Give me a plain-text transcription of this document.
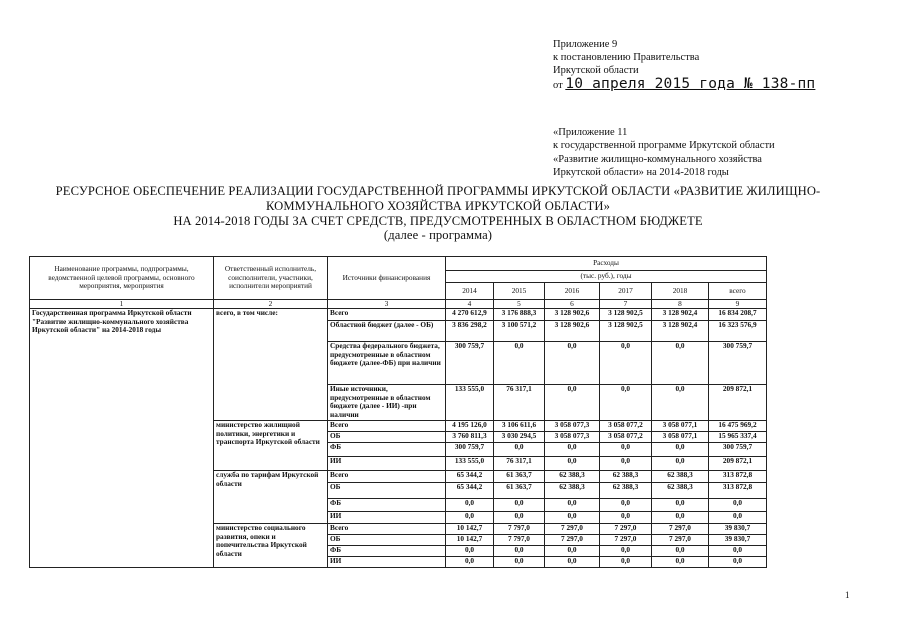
Приложение 9
к постановлению Правительства
Иркутской области
от 10 апреля 2015 года № 138-пп
«Приложение 11
к государственной программе Иркутской области
«Развитие жилищно-коммунального хозяйства
Иркутской области» на 2014-2018 годы
РЕСУРСНОЕ ОБЕСПЕЧЕНИЕ РЕАЛИЗАЦИИ ГОСУДАРСТВЕННОЙ ПРОГРАММЫ ИРКУТСКОЙ ОБЛАСТИ «РАЗВИТИЕ ЖИЛИЩНО-
КОММУНАЛЬНОГО ХОЗЯЙСТВА ИРКУТСКОЙ ОБЛАСТИ»
НА 2014-2018 ГОДЫ ЗА СЧЕТ СРЕДСТВ, ПРЕДУСМОТРЕННЫХ В ОБЛАСТНОМ БЮДЖЕТЕ
(далее - программа)
Наименование программы, подпрограммы, ведомственной целевой программы, основного мероприятия, мероприятия	Ответственный исполнитель, соисполнители, участники, исполнители мероприятий	Источники финансирования	Расходы					
			(тыс. руб.), годы					
			2014	2015	2016	2017	2018	всего
1	2	3	4	5	6	7	8	9
Государственная программа Иркутской области "Развитие жилищно-коммунального хозяйства Иркутской области" на 2014-2018 годы	всего, в том числе:	Всего	4 270 612,9	3 176 888,3	3 128 902,6	3 128 902,5	3 128 902,4	16 834 208,7
		Областной бюджет (далее - ОБ)	3 836 298,2	3 100 571,2	3 128 902,6	3 128 902,5	3 128 902,4	16 323 576,9
		Средства федерального бюджета, предусмотренные в областном бюджете (далее-ФБ) при наличии	300 759,7	0,0	0,0	0,0	0,0	300 759,7
		Иные источники, предусмотренные в областном бюджете (далее - ИИ) -при наличии	133 555,0	76 317,1	0,0	0,0	0,0	209 872,1
	министерство жилищной политики, энергетики и транспорта Иркутской области	Всего	4 195 126,0	3 106 611,6	3 058 077,3	3 058 077,2	3 058 077,1	16 475 969,2
		ОБ	3 760 811,3	3 030 294,5	3 058 077,3	3 058 077,2	3 058 077,1	15 965 337,4
		ФБ	300 759,7	0,0	0,0	0,0	0,0	300 759,7
		ИИ	133 555,0	76 317,1	0,0	0,0	0,0	209 872,1
	служба по тарифам Иркутской области	Всего	65 344,2	61 363,7	62 388,3	62 388,3	62 388,3	313 872,8
		ОБ	65 344,2	61 363,7	62 388,3	62 388,3	62 388,3	313 872,8
		ФБ	0,0	0,0	0,0	0,0	0,0	0,0
		ИИ	0,0	0,0	0,0	0,0	0,0	0,0
	министерство социального развития, опеки и попечительства Иркутской области	Всего	10 142,7	7 797,0	7 297,0	7 297,0	7 297,0	39 830,7
		ОБ	10 142,7	7 797,0	7 297,0	7 297,0	7 297,0	39 830,7
		ФБ	0,0	0,0	0,0	0,0	0,0	0,0
		ИИ	0,0	0,0	0,0	0,0	0,0	0,0
1
